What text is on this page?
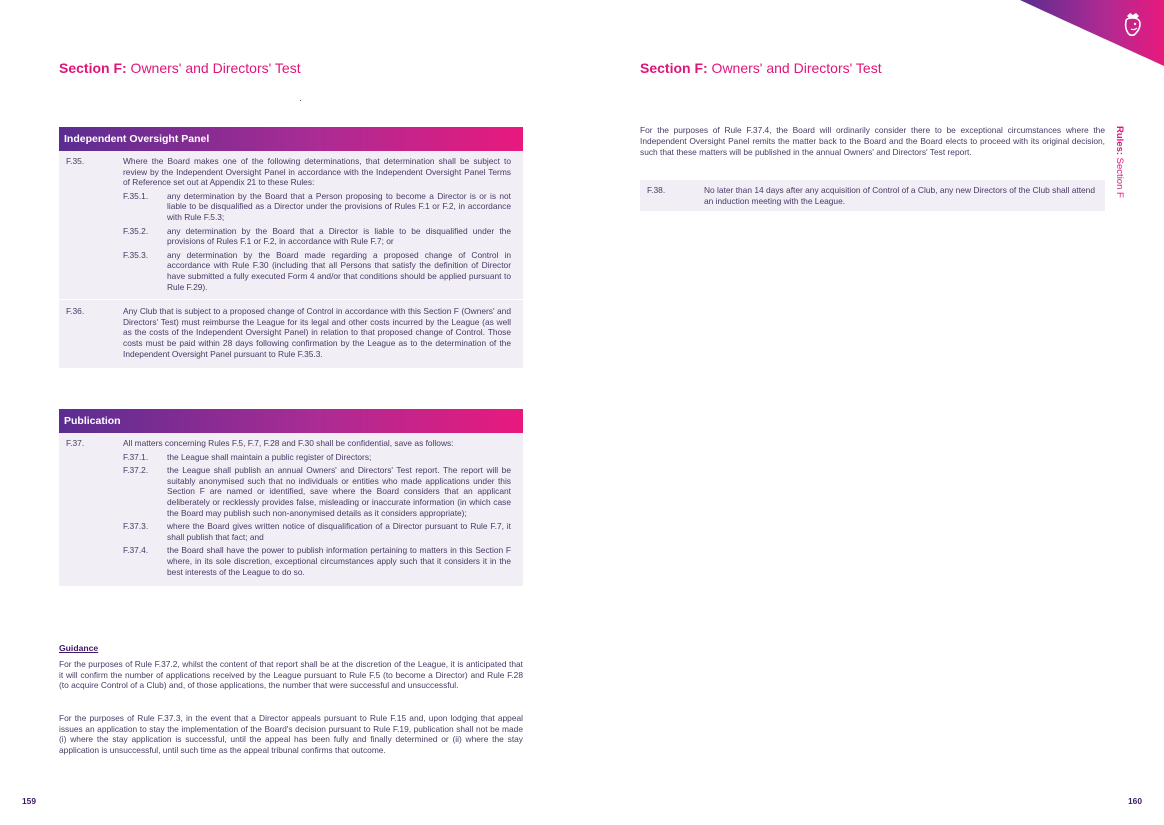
Section F: Owners' and Directors' Test
Independent Oversight Panel
F.35.	Where the Board makes one of the following determinations, that determination shall be subject to review by the Independent Oversight Panel in accordance with the Independent Oversight Panel Terms of Reference set out at Appendix 21 to these Rules:
F.35.1.	any determination by the Board that a Person proposing to become a Director is or is not liable to be disqualified as a Director under the provisions of Rules F.1 or F.2, in accordance with Rule F.5.3;
F.35.2.	any determination by the Board that a Director is liable to be disqualified under the provisions of Rules F.1 or F.2, in accordance with Rule F.7; or
F.35.3.	any determination by the Board made regarding a proposed change of Control in accordance with Rule F.30 (including that all Persons that satisfy the definition of Director have submitted a fully executed Form 4 and/or that conditions should be applied pursuant to Rule F.29).
F.36.	Any Club that is subject to a proposed change of Control in accordance with this Section F (Owners' and Directors' Test) must reimburse the League for its legal and other costs incurred by the League (as well as the costs of the Independent Oversight Panel) in relation to that proposed change of Control. Those costs must be paid within 28 days following confirmation by the League as to the determination of the Independent Oversight Panel pursuant to Rule F.35.3.
Publication
F.37.	All matters concerning Rules F.5, F.7, F.28 and F.30 shall be confidential, save as follows:
F.37.1.	the League shall maintain a public register of Directors;
F.37.2.	the League shall publish an annual Owners' and Directors' Test report. The report will be suitably anonymised such that no individuals or entities who made applications under this Section F are named or identified, save where the Board considers that an applicant deliberately or recklessly provides false, misleading or inaccurate information (in which case the Board may publish such non-anonymised details as it considers appropriate);
F.37.3.	where the Board gives written notice of disqualification of a Director pursuant to Rule F.7, it shall publish that fact; and
F.37.4.	the Board shall have the power to publish information pertaining to matters in this Section F where, in its sole discretion, exceptional circumstances apply such that it considers it in the best interests of the League to do so.
Guidance
For the purposes of Rule F.37.2, whilst the content of that report shall be at the discretion of the League, it is anticipated that it will confirm the number of applications received by the League pursuant to Rule F.5 (to become a Director) and Rule F.28 (to acquire Control of a Club) and, of those applications, the number that were successful and unsuccessful.
For the purposes of Rule F.37.3, in the event that a Director appeals pursuant to Rule F.15 and, upon lodging that appeal issues an application to stay the implementation of the Board's decision pursuant to Rule F.19, publication shall not be made (i) where the stay application is successful, until the appeal has been fully and finally determined or (ii) where the stay application is unsuccessful, until such time as the appeal tribunal confirms that outcome.
159
Section F: Owners' and Directors' Test
For the purposes of Rule F.37.4, the Board will ordinarily consider there to be exceptional circumstances where the Independent Oversight Panel remits the matter back to the Board and the Board elects to proceed with its original decision, such that these matters will be published in the annual Owners' and Directors' Test report.
F.38.	No later than 14 days after any acquisition of Control of a Club, any new Directors of the Club shall attend an induction meeting with the League.
Rules: Section F
160
